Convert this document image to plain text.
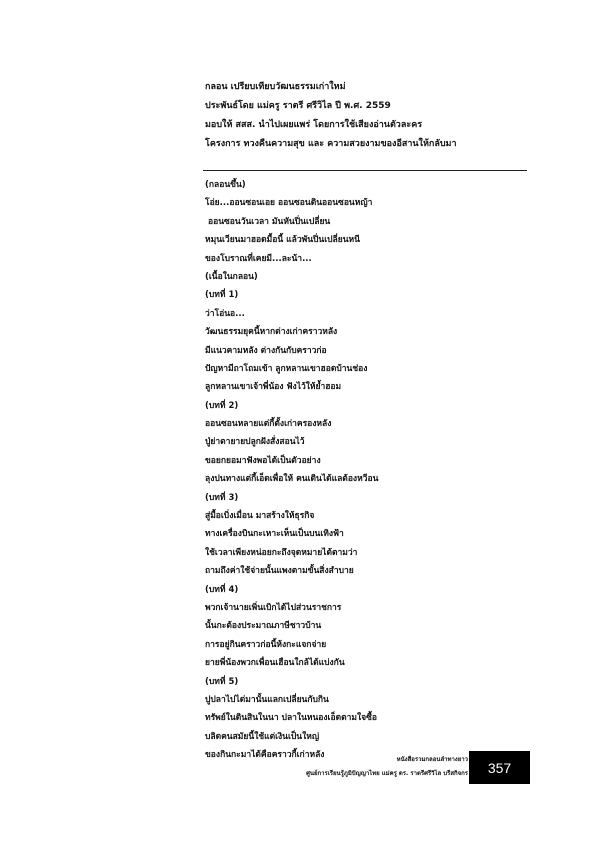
กลอน เปรียบเทียบวัฒนธรรมเก่าใหม่
ประพันธ์โดย แม่ครู ราตรี ศรีวิไล ปี พ.ศ. 2559
มอบให้ สสส. นำไปเผยแพร่ โดยการใช้เสียงอ่านตัวละคร
โครงการ ทวงคืนความสุข และ ความสวยงามของอีสานให้กลับมา
(กลอนขึ้น)
โอ่ย...ออนซอนเอย ออนซอนดินออนซอนหญ้า
ออนซอนวันเวลา มันหันปิ่นเปลี่ยน
หมุนเวียนมาฮอดมื้อนี้ แล้วพันปิ่นเปลี่ยนหนี
ของโบราณที่เคยมี...ละน้า...
(เนื้อในกลอน)
(บทที่ 1)
ว่าโอ่นอ...
วัฒนธรรมยุคนี้หากต่างเก่าคราวหลัง
มีแนวคามหลัง ต่างกันกับคราวก่อ
ปัญหามีถาโถมเข้า ลูกหลานเขาฮอดบ้านช่อง
ลูกหลานเขาเจ้าพี่น้อง ฟังไว้ให้ย้ำฮอม
(บทที่ 2)
ออนซอนหลายแต่กี้ตั้งเก่าครองหลัง
ปู่ย่าตายายปลูกฝังสั่งสอนไว้
ขอยกยอมาฟังพอได้เป็นตัวอย่าง
ลุงปนทางแต่กี้เอ็ดเพื่อให้ คนเดินได้แลต้องหวีอน
(บทที่ 3)
สู่มื้อเบิ่งเมื่อน มาสร้างให้ธุรกิจ
ทางเครื่องบินกะเหาะเห็นเป็นบนเทิงฟ้า
ใช้เวลาเพียงหน่อยกะถึงจุดหมายได้ตามว่า
ถามถึงค่าใช้จ่ายนั้นแพงตามขั้นสิ่งสำบาย
(บทที่ 4)
พวกเจ้านายเพิ่นเบิกได้ไปส่วนราชการ
นั้นกะต้องประมาณภาษีชาวบ้าน
การอยู่กินคราวก่อนี้ห้งกะแจกจ่าย
ยายพี่น้องพวกเพื่อนเฮือนใกล้ได้แบ่งกัน
(บทที่ 5)
ปูปลาไปได่มานั้นแลกเปลี่ยนกับกิน
ทรัพย์ในดินสินในนา ปลาในหนองเอ็ดตามใจซื้อ
บลิดคนสมัยนี้ใช้แต่เงินเป็นใหญ่
ของกินกะมาได้คือคราวกี้เก่าหลัง	หนังสือรวมกลอนลำทางยาว
ศูนย์การเรียนรู้ภูมิปัญญาไทย แม่ครู ดร. ราตรีศรีวิไล บรีสกิจกร	357
